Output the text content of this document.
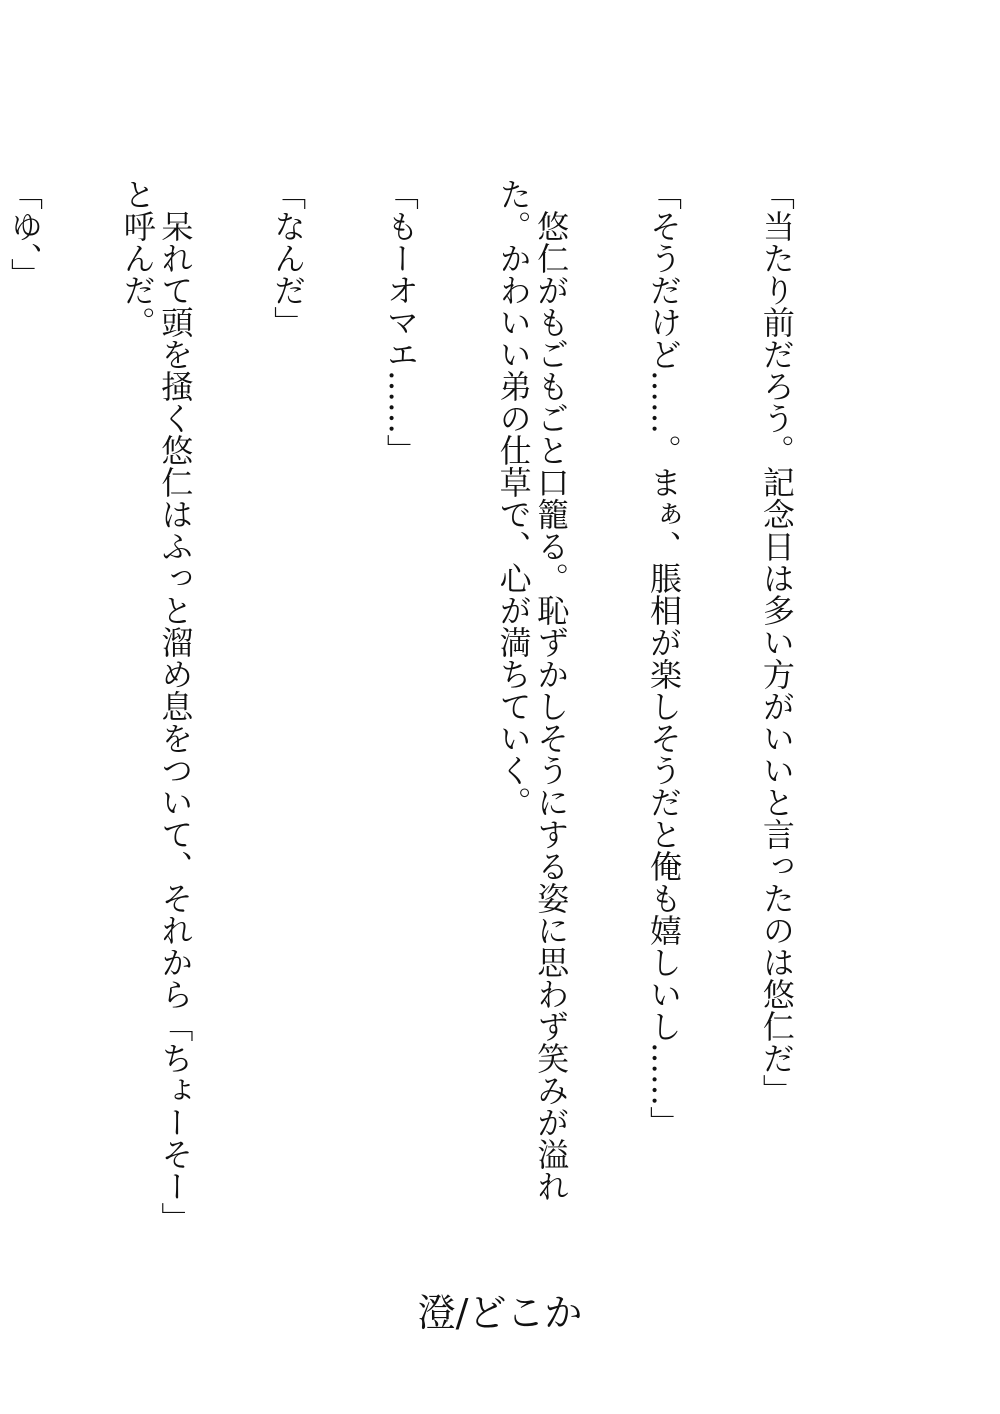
「当たり前だろう。記念日は多い方がいいと言ったのは悠仁だ」

「そうだけど……。まぁ、脹相が楽しそうだと俺も嬉しいし……」

　悠仁がもごもごと口籠る。恥ずかしそうにする姿に思わず笑みが溢れた。かわいい弟の仕草で、心が満ちていく。

「もーオマエ……」

「なんだ」

　呆れて頭を掻く悠仁はふっと溜め息をついて、それから「ちょーそー」と呼んだ。

「ゆ、」

澄/どこか
